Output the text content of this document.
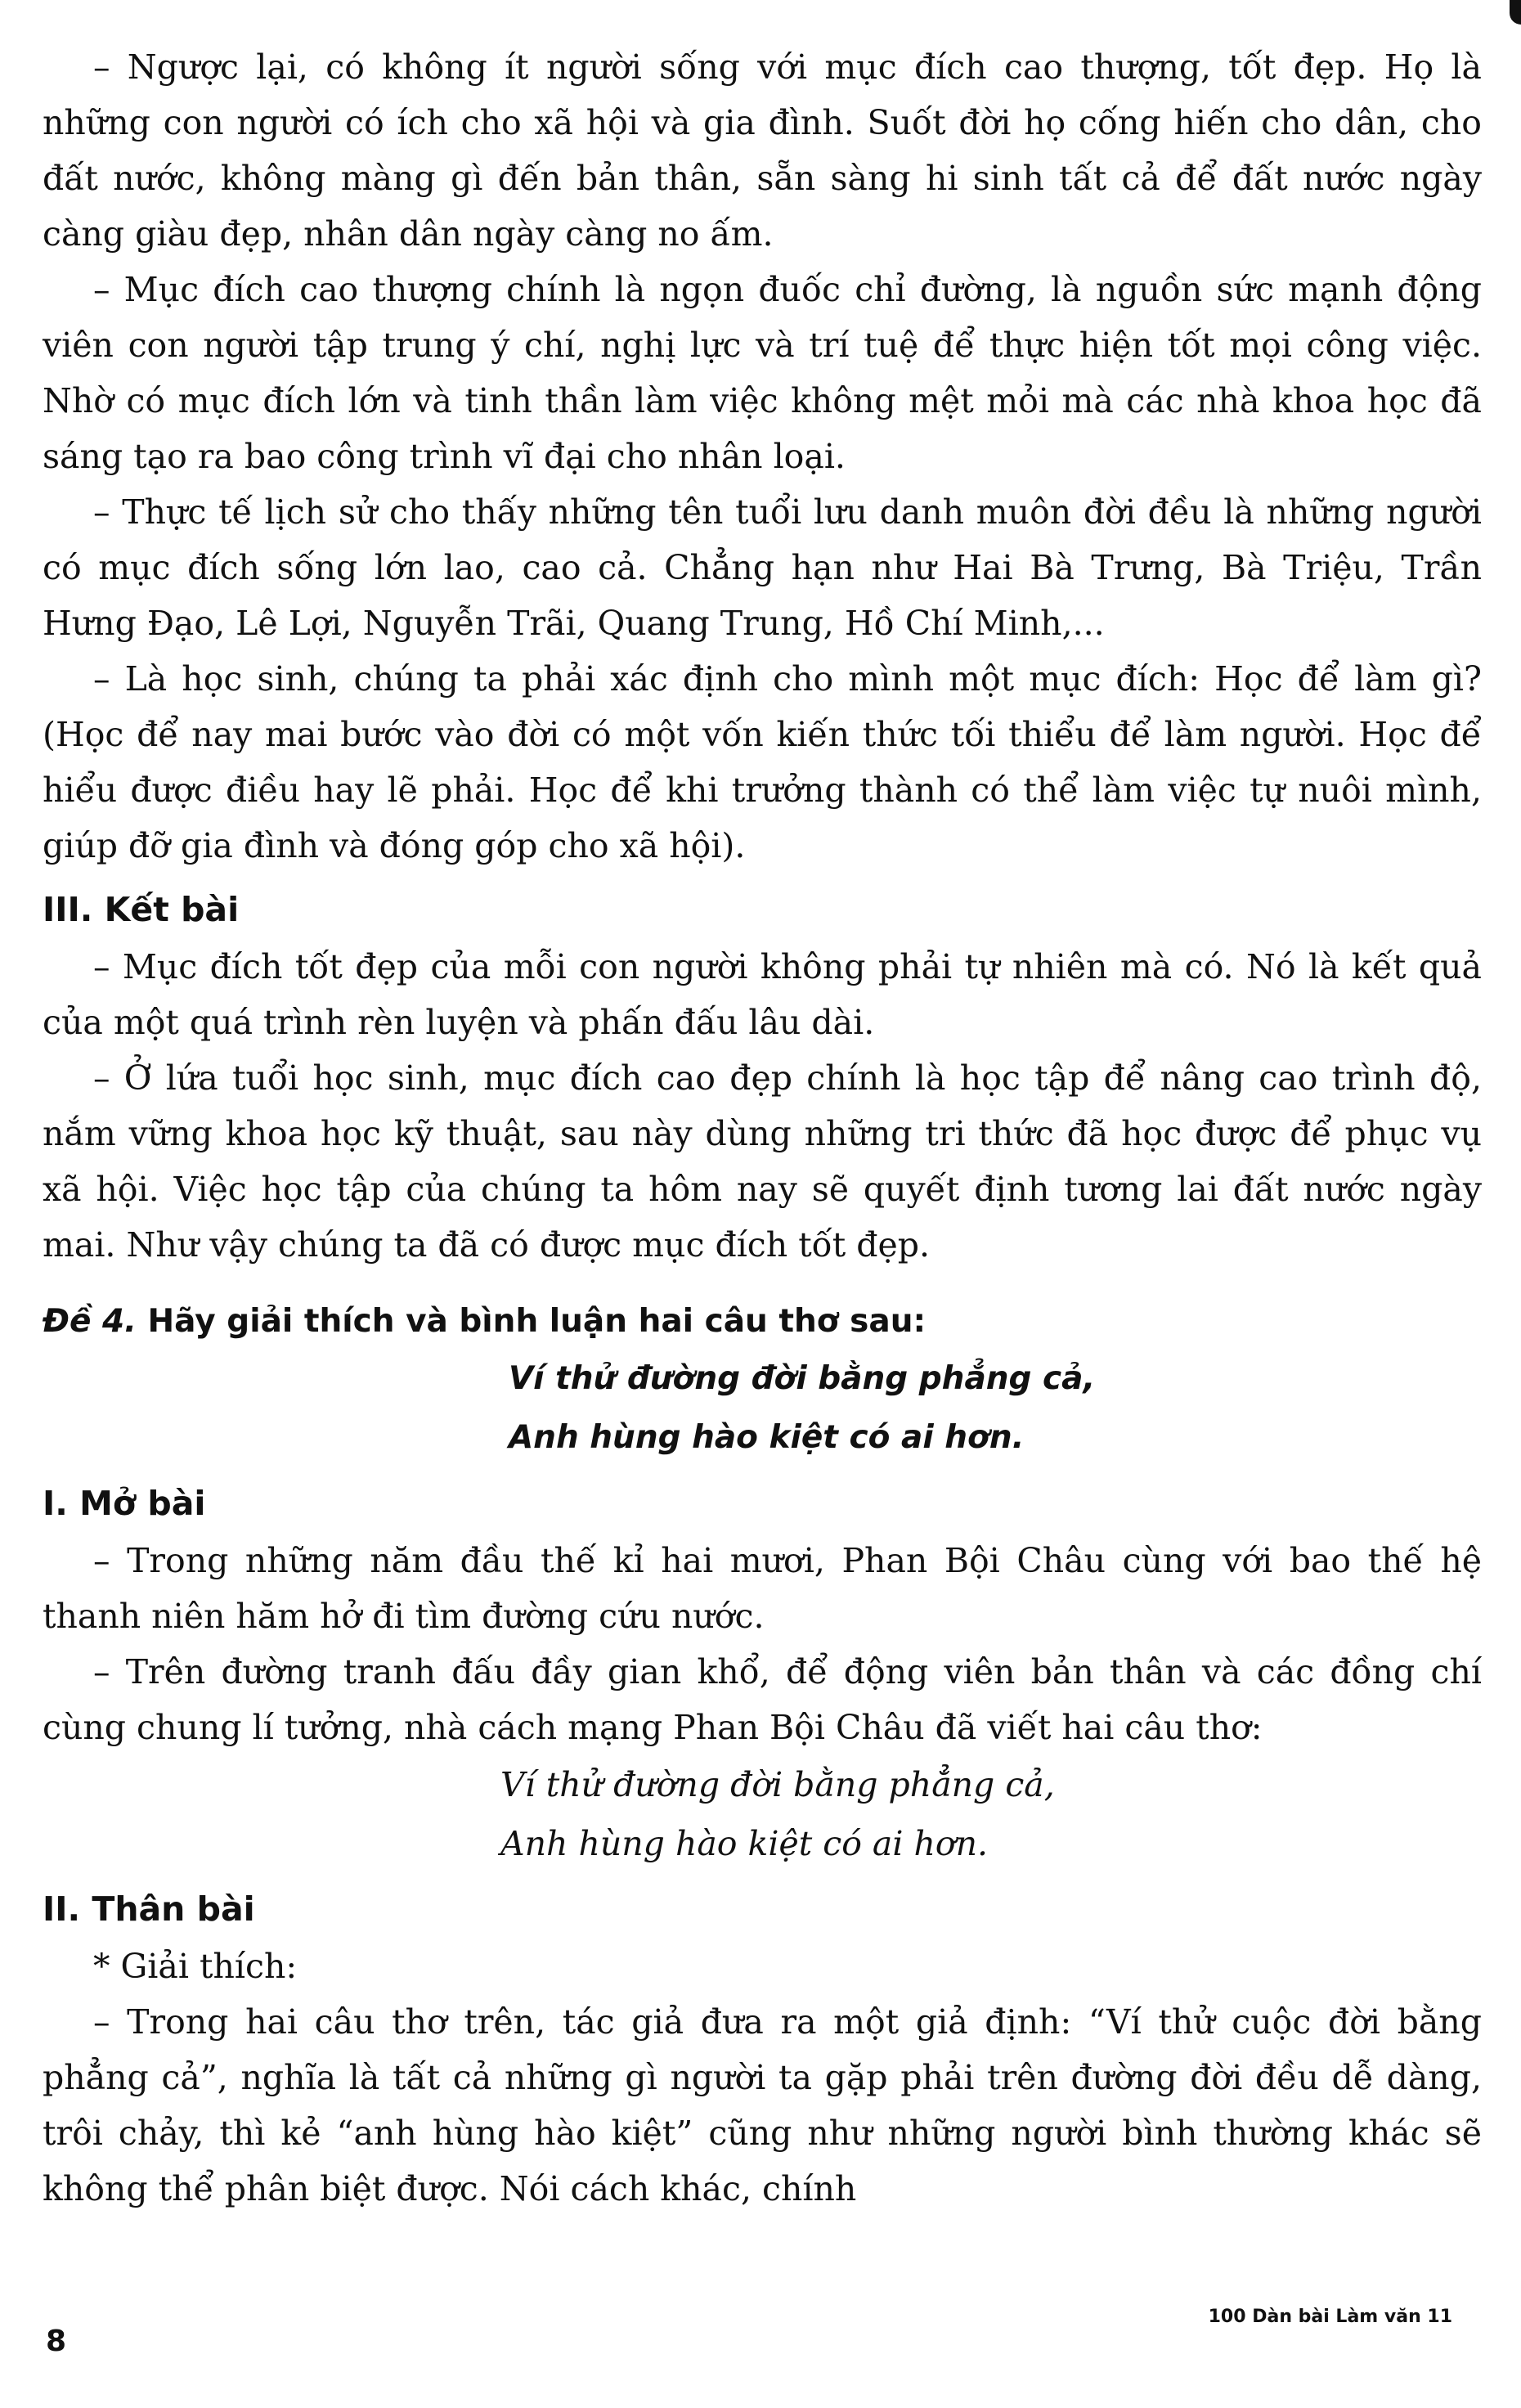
– Ngược lại, có không ít người sống với mục đích cao thượng, tốt đẹp. Họ là những con người có ích cho xã hội và gia đình. Suốt đời họ cống hiến cho dân, cho đất nước, không màng gì đến bản thân, sẵn sàng hi sinh tất cả để đất nước ngày càng giàu đẹp, nhân dân ngày càng no ấm.

– Mục đích cao thượng chính là ngọn đuốc chỉ đường, là nguồn sức mạnh động viên con người tập trung ý chí, nghị lực và trí tuệ để thực hiện tốt mọi công việc. Nhờ có mục đích lớn và tinh thần làm việc không mệt mỏi mà các nhà khoa học đã sáng tạo ra bao công trình vĩ đại cho nhân loại.

– Thực tế lịch sử cho thấy những tên tuổi lưu danh muôn đời đều là những người có mục đích sống lớn lao, cao cả. Chẳng hạn như Hai Bà Trưng, Bà Triệu, Trần Hưng Đạo, Lê Lợi, Nguyễn Trãi, Quang Trung, Hồ Chí Minh,...

– Là học sinh, chúng ta phải xác định cho mình một mục đích: Học để làm gì? (Học để nay mai bước vào đời có một vốn kiến thức tối thiểu để làm người. Học để hiểu được điều hay lẽ phải. Học để khi trưởng thành có thể làm việc tự nuôi mình, giúp đỡ gia đình và đóng góp cho xã hội).

III. Kết bài

– Mục đích tốt đẹp của mỗi con người không phải tự nhiên mà có. Nó là kết quả của một quá trình rèn luyện và phấn đấu lâu dài.

– Ở lứa tuổi học sinh, mục đích cao đẹp chính là học tập để nâng cao trình độ, nắm vững khoa học kỹ thuật, sau này dùng những tri thức đã học được để phục vụ xã hội. Việc học tập của chúng ta hôm nay sẽ quyết định tương lai đất nước ngày mai. Như vậy chúng ta đã có được mục đích tốt đẹp.

Đề 4. Hãy giải thích và bình luận hai câu thơ sau:
Ví thử đường đời bằng phẳng cả,
Anh hùng hào kiệt có ai hơn.
I. Mở bài

– Trong những năm đầu thế kỉ hai mươi, Phan Bội Châu cùng với bao thế hệ thanh niên hăm hở đi tìm đường cứu nước.

– Trên đường tranh đấu đầy gian khổ, để động viên bản thân và các đồng chí cùng chung lí tưởng, nhà cách mạng Phan Bội Châu đã viết hai câu thơ:

Ví thử đường đời bằng phẳng cả,
Anh hùng hào kiệt có ai hơn.
II. Thân bài

* Giải thích:

– Trong hai câu thơ trên, tác giả đưa ra một giả định: “Ví thử cuộc đời bằng phẳng cả”, nghĩa là tất cả những gì người ta gặp phải trên đường đời đều dễ dàng, trôi chảy, thì kẻ “anh hùng hào kiệt” cũng như những người bình thường khác sẽ không thể phân biệt được. Nói cách khác, chính

8
100 Dàn bài Làm văn 11
